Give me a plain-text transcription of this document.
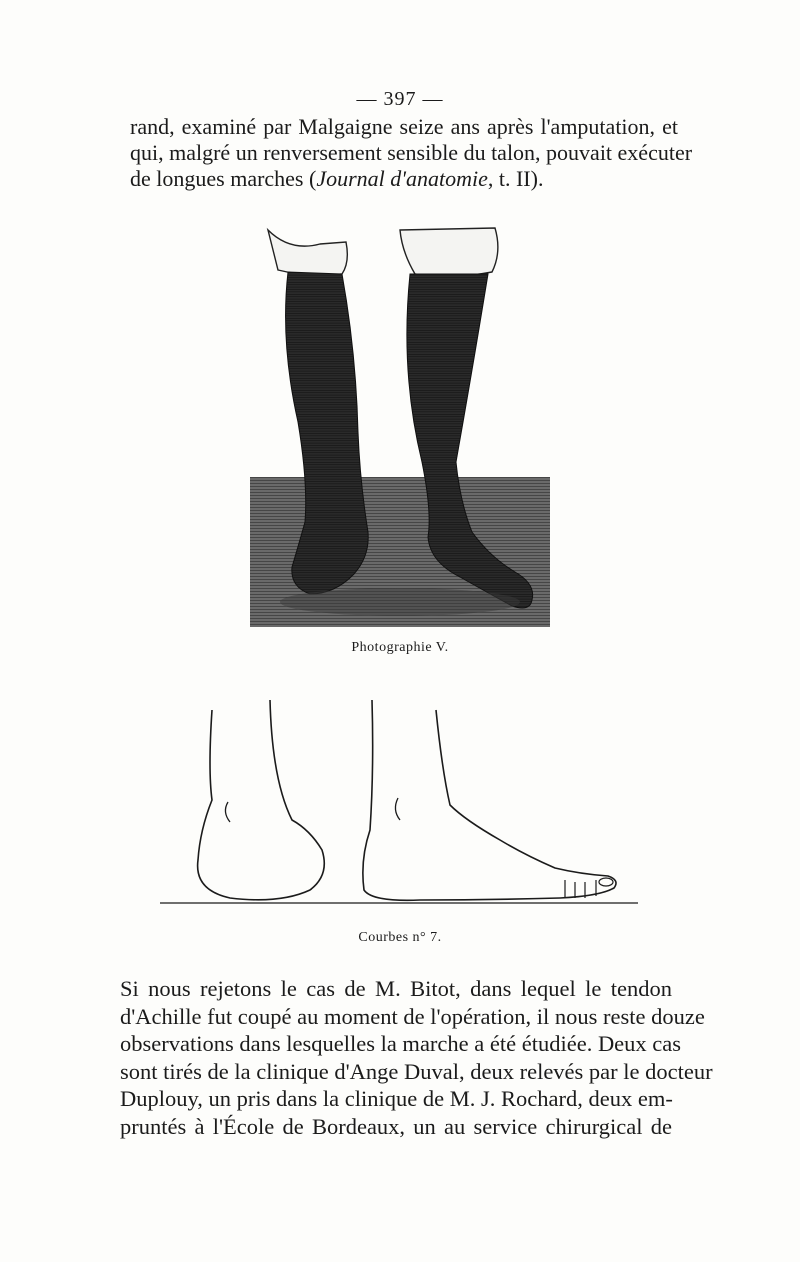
— 397 —
rand, examiné par Malgaigne seize ans après l'amputation, et
qui, malgré un renversement sensible du talon, pouvait exécuter
de longues marches (Journal d'anatomie, t. II).
Photographie V.
Courbes n° 7.
Si nous rejetons le cas de M. Bitot, dans lequel le tendon
d'Achille fut coupé au moment de l'opération, il nous reste douze
observations dans lesquelles la marche a été étudiée. Deux cas
sont tirés de la clinique d'Ange Duval, deux relevés par le docteur
Duplouy, un pris dans la clinique de M. J. Rochard, deux em-
pruntés à l'École de Bordeaux, un au service chirurgical de
